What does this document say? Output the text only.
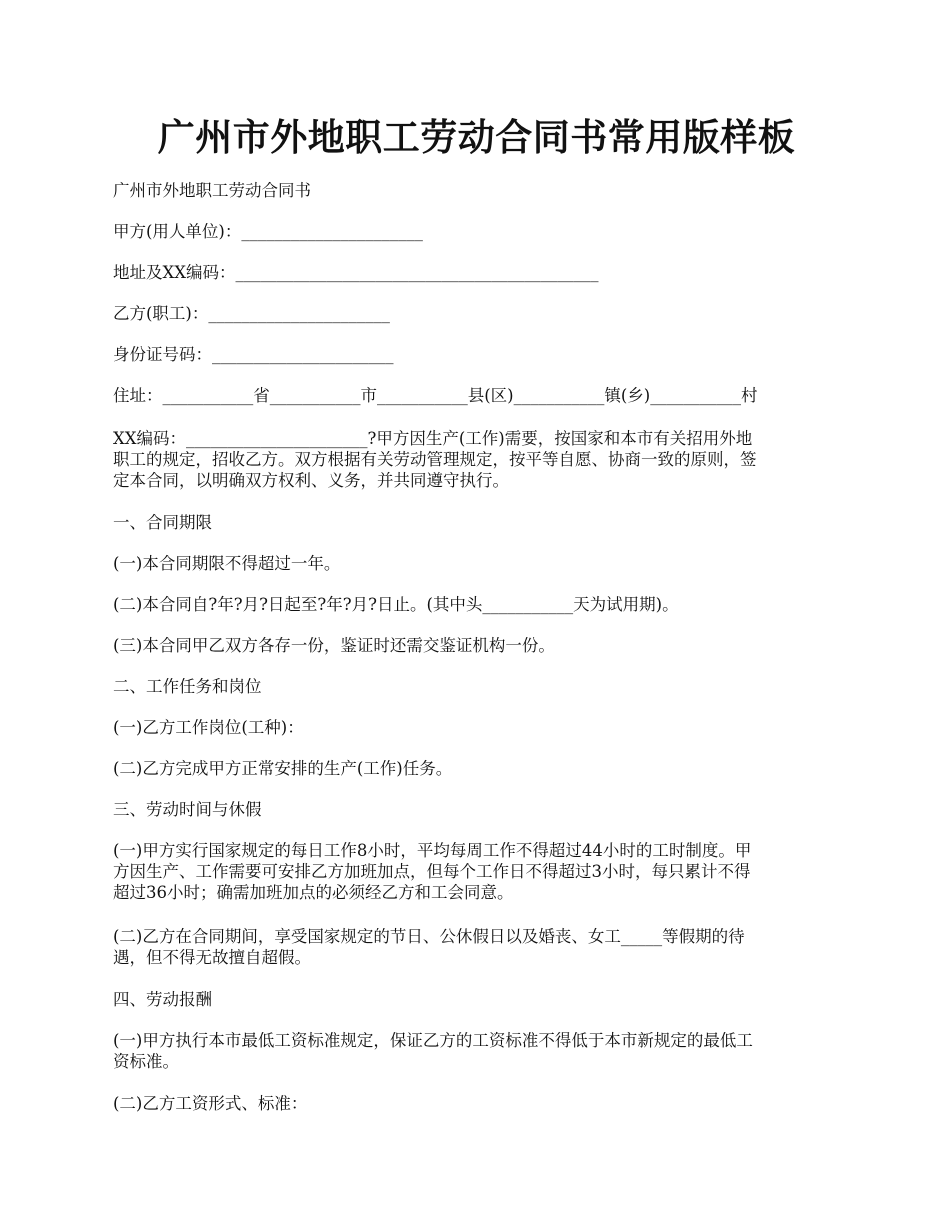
广州市外地职工劳动合同书常用版样板

广州市外地职工劳动合同书

甲方(用人单位)：______________________

地址及XX编码：____________________________________________

乙方(职工)：______________________

身份证号码：______________________

住址：___________省___________市___________县(区)___________镇(乡)___________村

XX编码：______________________?甲方因生产(工作)需要，按国家和本市有关招用外地
职工的规定，招收乙方。双方根据有关劳动管理规定，按平等自愿、协商一致的原则，签
定本合同，以明确双方权利、义务，并共同遵守执行。

一、合同期限

(一)本合同期限不得超过一年。

(二)本合同自?年?月?日起至?年?月?日止。(其中头___________天为试用期)。

(三)本合同甲乙双方各存一份，鉴证时还需交鉴证机构一份。

二、工作任务和岗位

(一)乙方工作岗位(工种)：

(二)乙方完成甲方正常安排的生产(工作)任务。

三、劳动时间与休假

(一)甲方实行国家规定的每日工作8小时，平均每周工作不得超过44小时的工时制度。甲
方因生产、工作需要可安排乙方加班加点，但每个工作日不得超过3小时，每只累计不得
超过36小时；确需加班加点的必须经乙方和工会同意。
(二)乙方在合同期间，享受国家规定的节日、公休假日以及婚丧、女工_____等假期的待
遇，但不得无故擅自超假。

四、劳动报酬

(一)甲方执行本市最低工资标准规定，保证乙方的工资标准不得低于本市新规定的最低工
资标准。

(二)乙方工资形式、标准：
